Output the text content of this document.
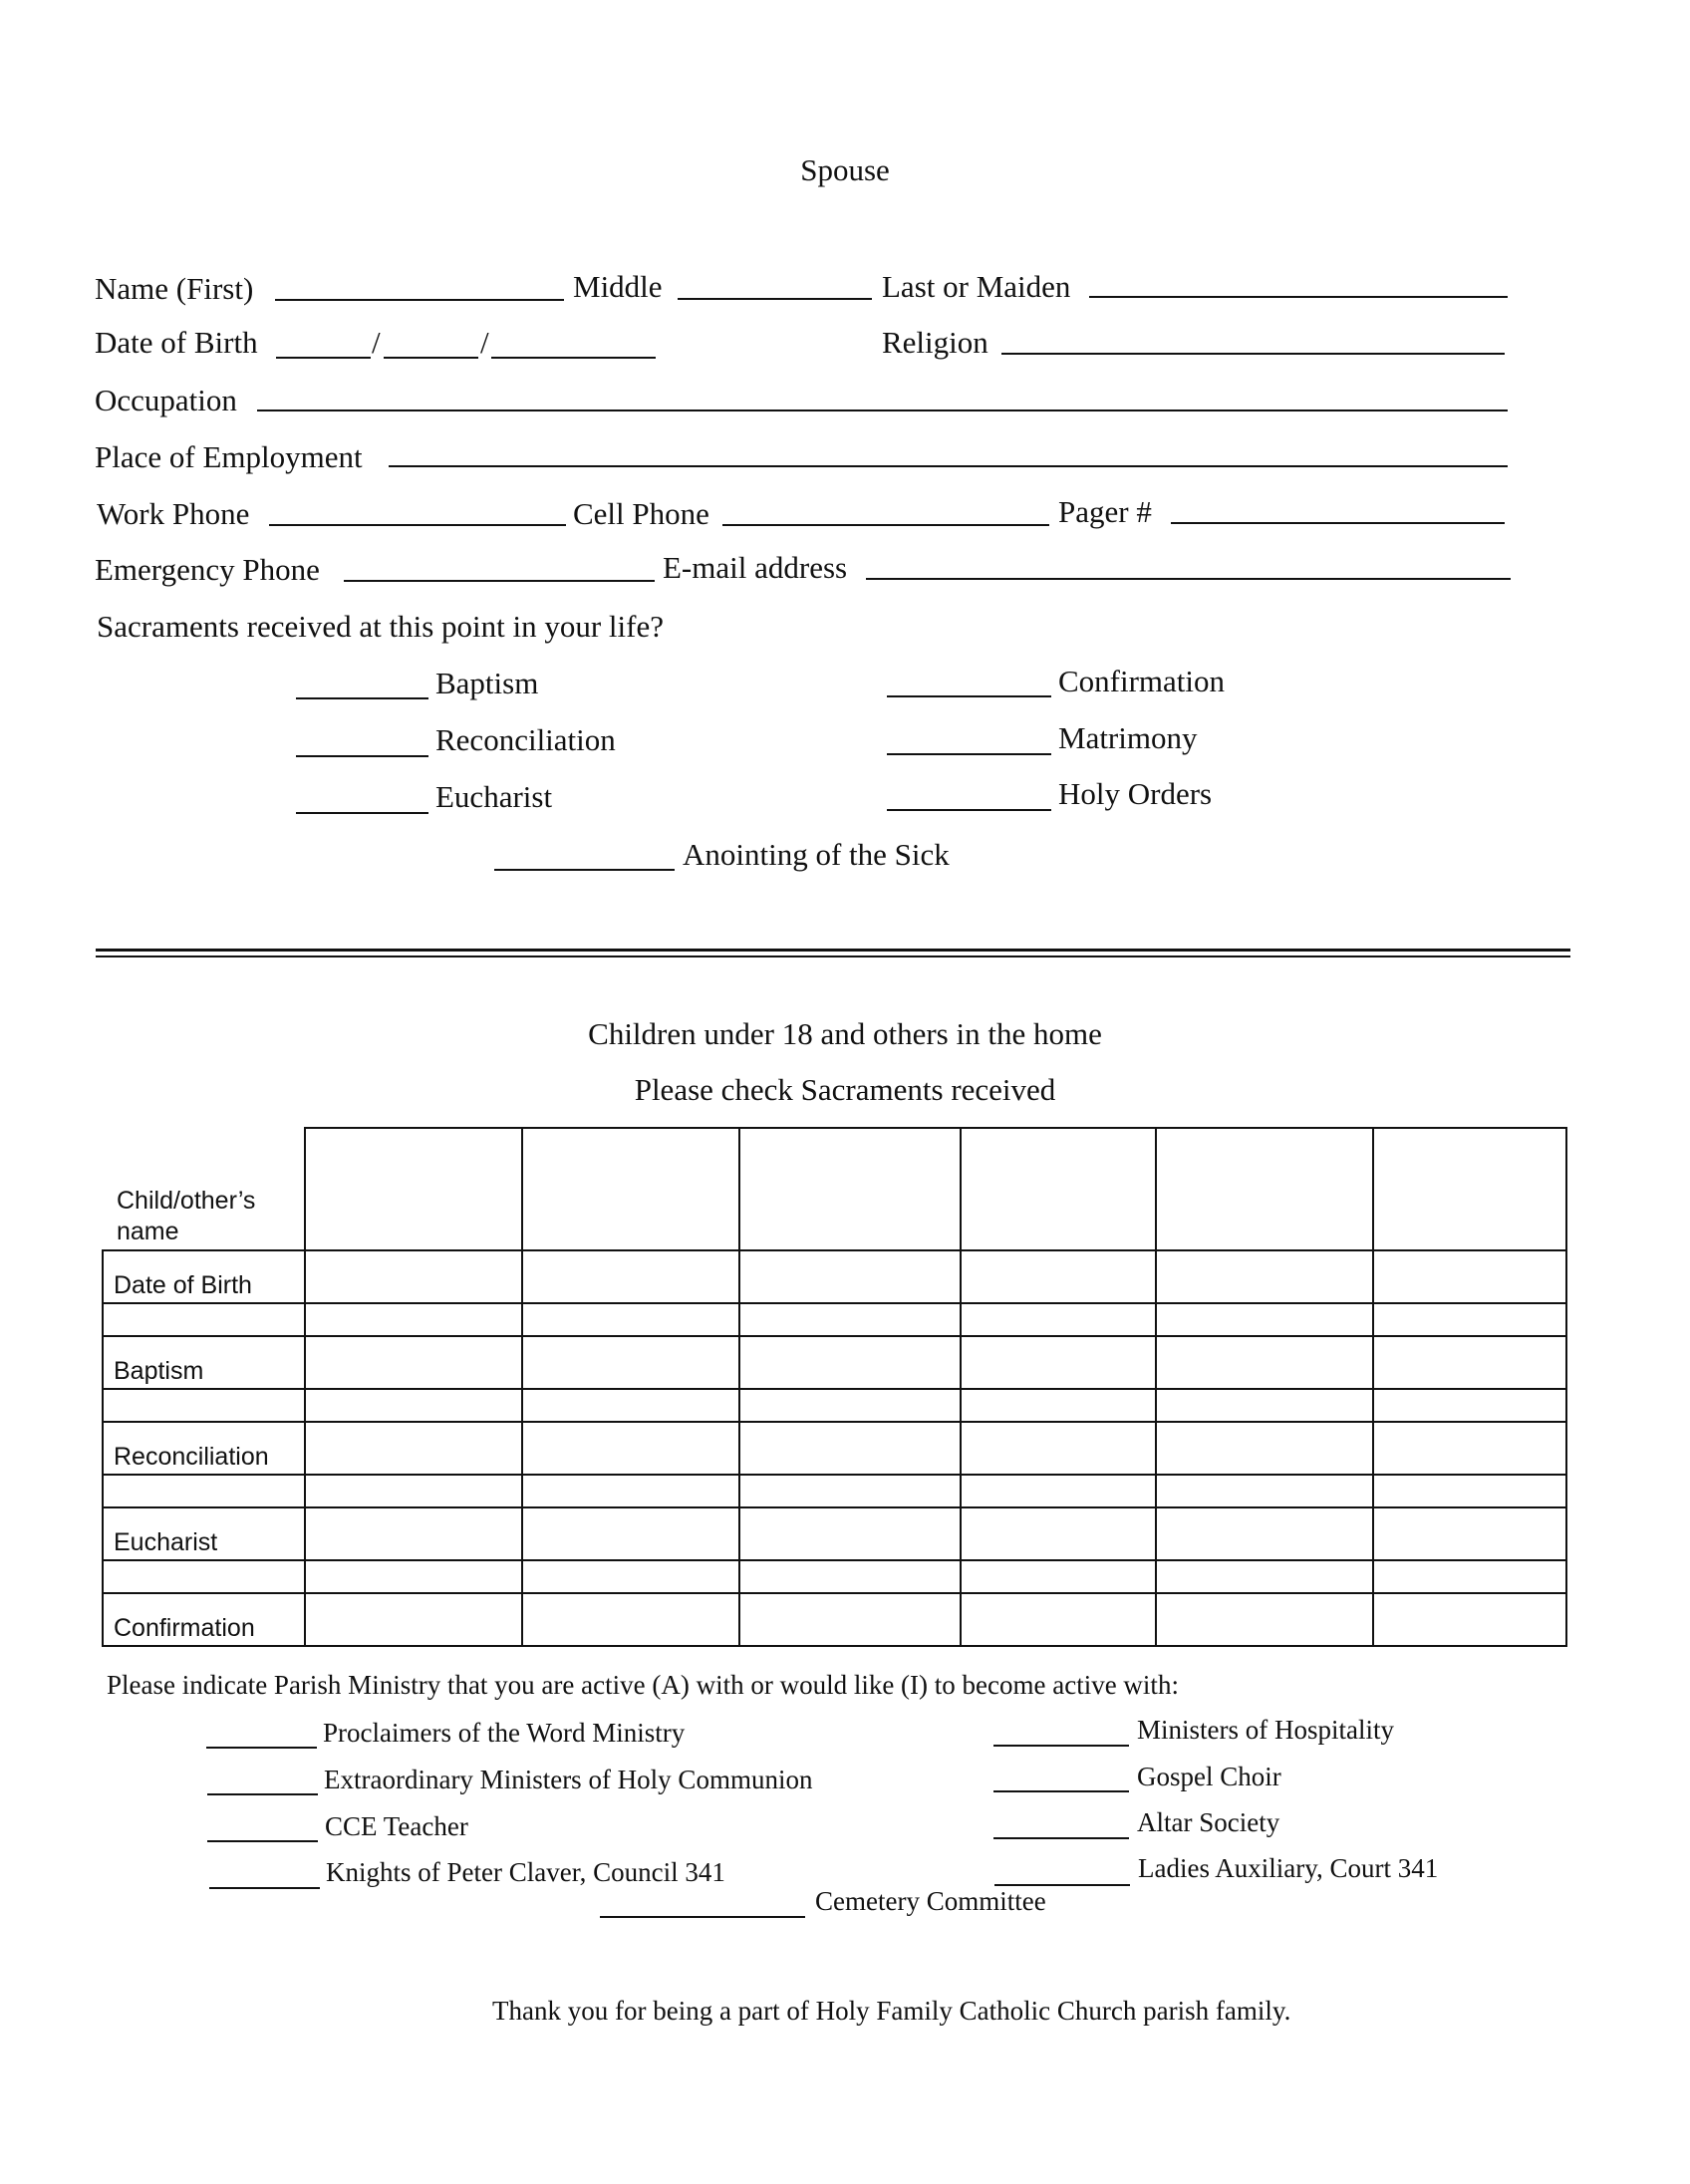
Spouse
Name (First)	Middle	Last or Maiden
Date of Birth	/	/	Religion
Occupation
Place of Employment
Work Phone	Cell Phone	Pager #
Emergency Phone	E-mail address
Sacraments received at this point in your life?
Baptism
Reconciliation
Eucharist
Confirmation
Matrimony
Holy Orders
Anointing of the Sick
Children under 18 and others in the home
Please check Sacraments received
Child/other’s name						
Date of Birth						

Baptism						

Reconciliation						

Eucharist						

Confirmation						
Please indicate Parish Ministry that you are active (A) with or would like (I) to become active with:
Proclaimers of the Word Ministry
Extraordinary Ministers of Holy Communion
CCE Teacher
Knights of Peter Claver, Council 341
Ministers of Hospitality
Gospel Choir
Altar Society
Ladies Auxiliary, Court 341
Cemetery Committee
Thank you for being a part of Holy Family Catholic Church parish family.
